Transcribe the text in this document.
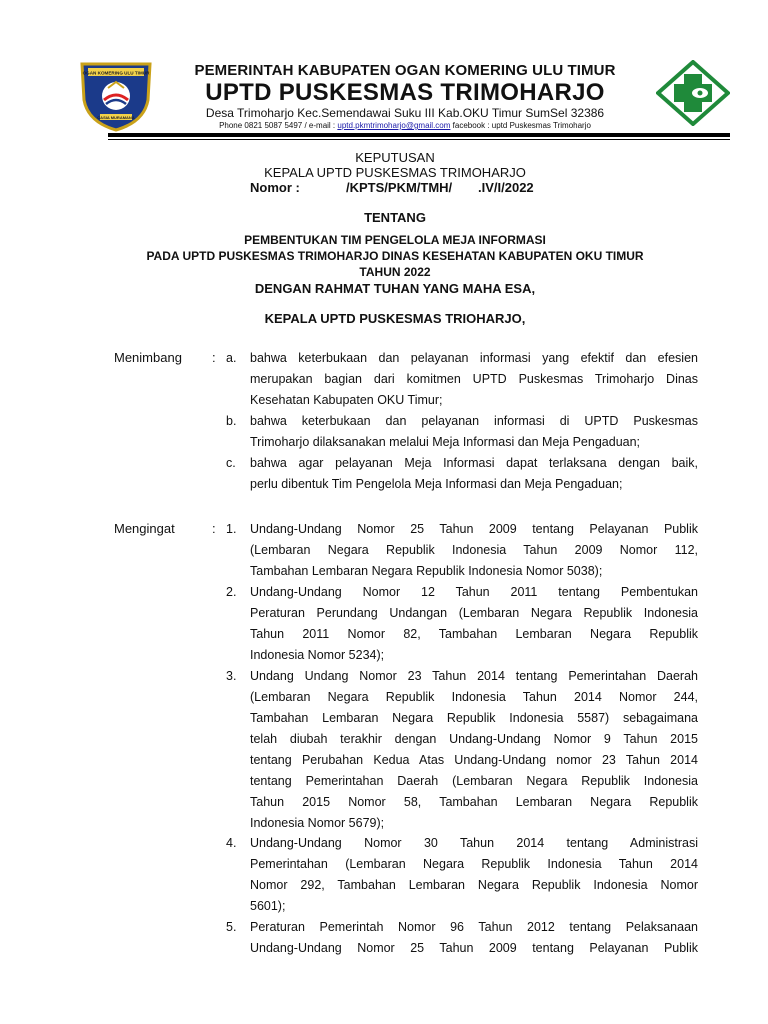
OGAN KOMERING ULU TIMUR
CASIA MURAMANA
PEMERINTAH KABUPATEN OGAN KOMERING ULU TIMUR
UPTD PUSKESMAS TRIMOHARJO
Desa Trimoharjo Kec.Semendawai Suku III Kab.OKU Timur SumSel 32386
Phone 0821 5087 5497 / e-mail : uptd.pkmtrimoharjo@gmail.com facebook : uptd Puskesmas Trimoharjo
KEPUTUSAN
KEPALA UPTD PUSKESMAS TRIMOHARJO
Nomor :	/KPTS/PKM/TMH/ .IV/I/2022
TENTANG
PEMBENTUKAN TIM PENGELOLA MEJA INFORMASI
PADA UPTD PUSKESMAS TRIMOHARJO DINAS KESEHATAN KABUPATEN OKU TIMUR
TAHUN 2022
DENGAN RAHMAT TUHAN YANG MAHA ESA,
KEPALA UPTD PUSKESMAS TRIOHARJO,
Menimbang : a. bahwa keterbukaan dan pelayanan informasi yang efektif dan efesien
merupakan bagian dari komitmen UPTD Puskesmas Trimoharjo Dinas
Kesehatan Kabupaten OKU Timur;
b. bahwa keterbukaan dan pelayanan informasi di UPTD Puskesmas
Trimoharjo dilaksanakan melalui Meja Informasi dan Meja Pengaduan;
c. bahwa agar pelayanan Meja Informasi dapat terlaksana dengan baik,
perlu dibentuk Tim Pengelola Meja Informasi dan Meja Pengaduan;
Mengingat	: 1. Undang-Undang Nomor 25 Tahun 2009 tentang Pelayanan Publik
(Lembaran Negara Republik Indonesia Tahun 2009 Nomor 112,
Tambahan Lembaran Negara Republik Indonesia Nomor 5038);
2. Undang-Undang Nomor 12 Tahun 2011 tentang Pembentukan
Peraturan Perundang Undangan (Lembaran Negara Republik Indonesia
Tahun 2011 Nomor 82, Tambahan Lembaran Negara Republik
Indonesia Nomor 5234);
3. Undang Undang Nomor 23 Tahun 2014 tentang Pemerintahan Daerah
(Lembaran Negara Republik Indonesia Tahun 2014 Nomor 244,
Tambahan Lembaran Negara Republik Indonesia 5587) sebagaimana
telah diubah terakhir dengan Undang-Undang Nomor 9 Tahun 2015
tentang Perubahan Kedua Atas Undang-Undang nomor 23 Tahun 2014
tentang Pemerintahan Daerah (Lembaran Negara Republik Indonesia
Tahun 2015 Nomor 58, Tambahan Lembaran Negara Republik
Indonesia Nomor 5679);
4. Undang-Undang Nomor 30 Tahun 2014 tentang Administrasi
Pemerintahan (Lembaran Negara Republik Indonesia Tahun 2014
Nomor 292, Tambahan Lembaran Negara Republik Indonesia Nomor
5601);
5. Peraturan Pemerintah Nomor 96 Tahun 2012 tentang Pelaksanaan
Undang-Undang Nomor 25 Tahun 2009 tentang Pelayanan Publik
